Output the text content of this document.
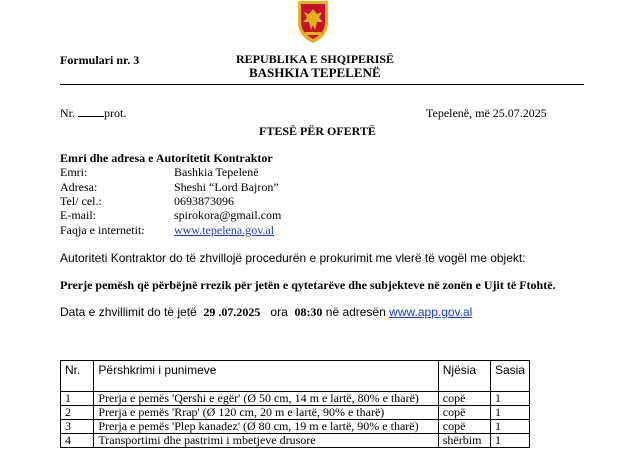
Formulari nr. 3	REPUBLIKA E SHQIPERISË
BASHKIA TEPELENË
Nr. prot.	Tepelenë, më 25.07.2025
FTESË PËR OFERTË
Emri dhe adresa e Autoritetit Kontraktor
Emri:	Bashkia Tepelenë
Adresa:	Sheshi “Lord Bajron”
Tel/ cel.:	0693873096
E-mail:	spirokora@gmail.com
Faqja e internetit: www.tepelena.gov.al
Autoriteti Kontraktor do të zhvillojë procedurën e prokurimit me vlerë të vogël me objekt:
Prerje pemësh që përbëjnë rrezik për jetën e qytetarëve dhe subjekteve në zonën e Ujit të Ftohtë.
Data e zhvillimit do të jetë 29 .07.2025 ora 08:30 në adresën www.app.gov.al
Nr.	Përshkrimi i punimeve	Njësia	Sasia
1	Prerja e pemës 'Qershi e egër' (Ø 50 cm, 14 m e lartë, 80% e tharë)	copë	1
2	Prerja e pemës 'Rrap' (Ø 120 cm, 20 m e lartë, 90% e tharë)	copë	1
3	Prerja e pemës 'Plep kanadez' (Ø 80 cm, 19 m e lartë, 90% e tharë)	copë	1
4	Transportimi dhe pastrimi i mbetjeve drusore	shërbim	1
